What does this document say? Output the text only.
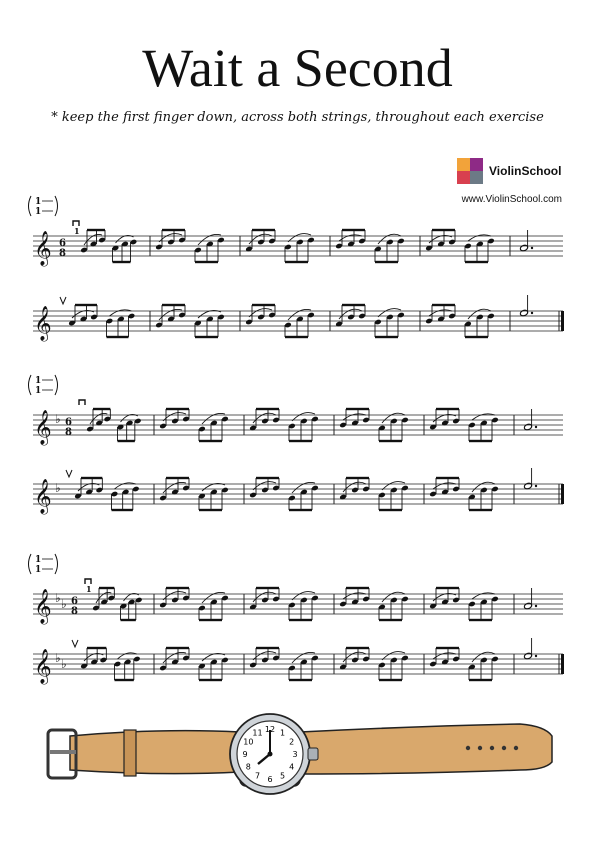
Wait a Second
* keep the first finger down, across both strings, throughout each exercise
ViolinSchool
www.ViolinSchool.com
1
1
𝄞 6
8
1
𝄞
1
1
𝄞 ♭ 6
8
𝄞 ♭
1
1
𝄞 ♭ ♭ 6
8
1
𝄞 ♭ ♭
12 1
2
3
4
5
6
7
8
9
10
11
